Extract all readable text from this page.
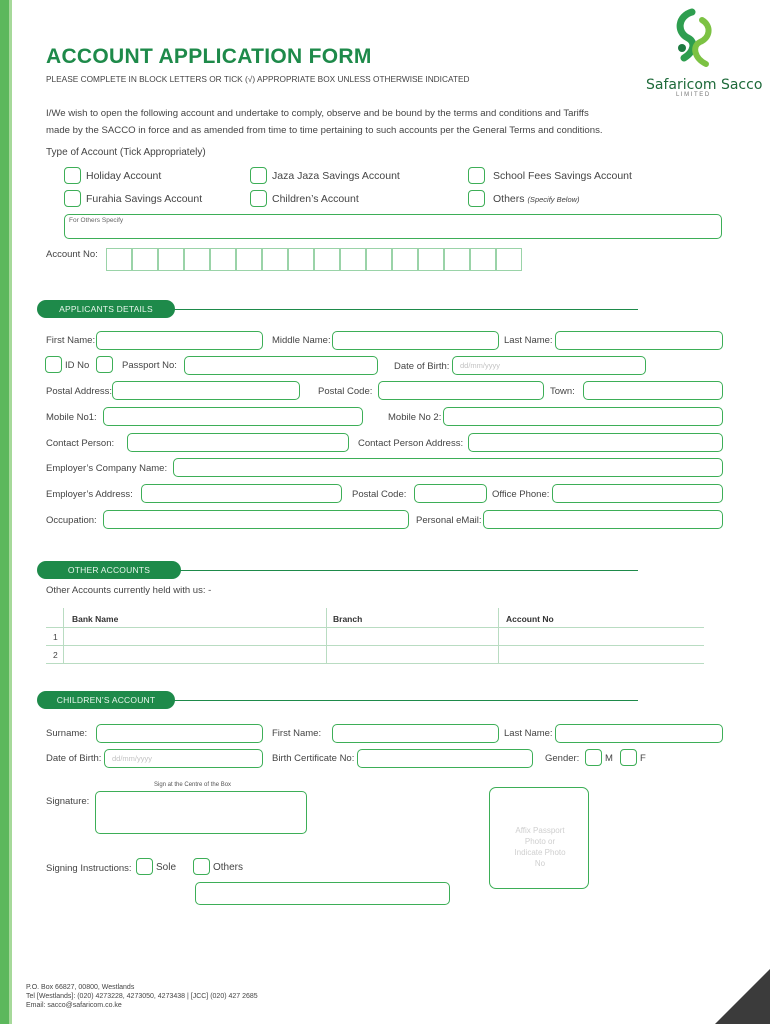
ACCOUNT APPLICATION FORM
PLEASE COMPLETE IN BLOCK LETTERS OR TICK (√) APPROPRIATE BOX UNLESS OTHERWISE INDICATED	Safaricom Sacco
L I M I T E D
I/We wish to open the following account and undertake to comply, observe and be bound by the terms and conditions and Tariffs
made by the SACCO in force and as amended from time to time pertaining to such accounts per the General Terms and conditions.
Type of Account (Tick Appropriately)
Holiday Account	Jaza Jaza Savings Account	School Fees Savings Account
Furahia Savings Account	Children’s Account	Others (Specify Below)
For Others Specify
Account No:
APPLICANTS DETAILS
First Name:	Middle Name:	Last Name:
ID No	Passport No:	Date of Birth: dd/mm/yyyy
Postal Address:	Postal Code:	Town:
Mobile No1:	Mobile No 2:
Contact Person:	Contact Person Address:
Employer’s Company Name:
Employer’s Address:	Postal Code:	Office Phone:
Occupation:	Personal eMail:
OTHER ACCOUNTS
Other Accounts currently held with us: -
Bank Name	Branch	Account No
1
2
CHILDREN’S ACCOUNT
Surname:	First Name:	Last Name:
Date of Birth: dd/mm/yyyy	Birth Certificate No:	Gender:	M	F
Sign at the Centre of the Box
Signature:
Affix Passport Photo or Indicate Photo No
Signing Instructions: Sole	Others
P.O. Box 66827, 00800, Westlands
Tel [Westlands]: (020) 4273228, 4273050, 4273438 | [JCC] (020) 427 2685
Email: sacco@safaricom.co.ke
